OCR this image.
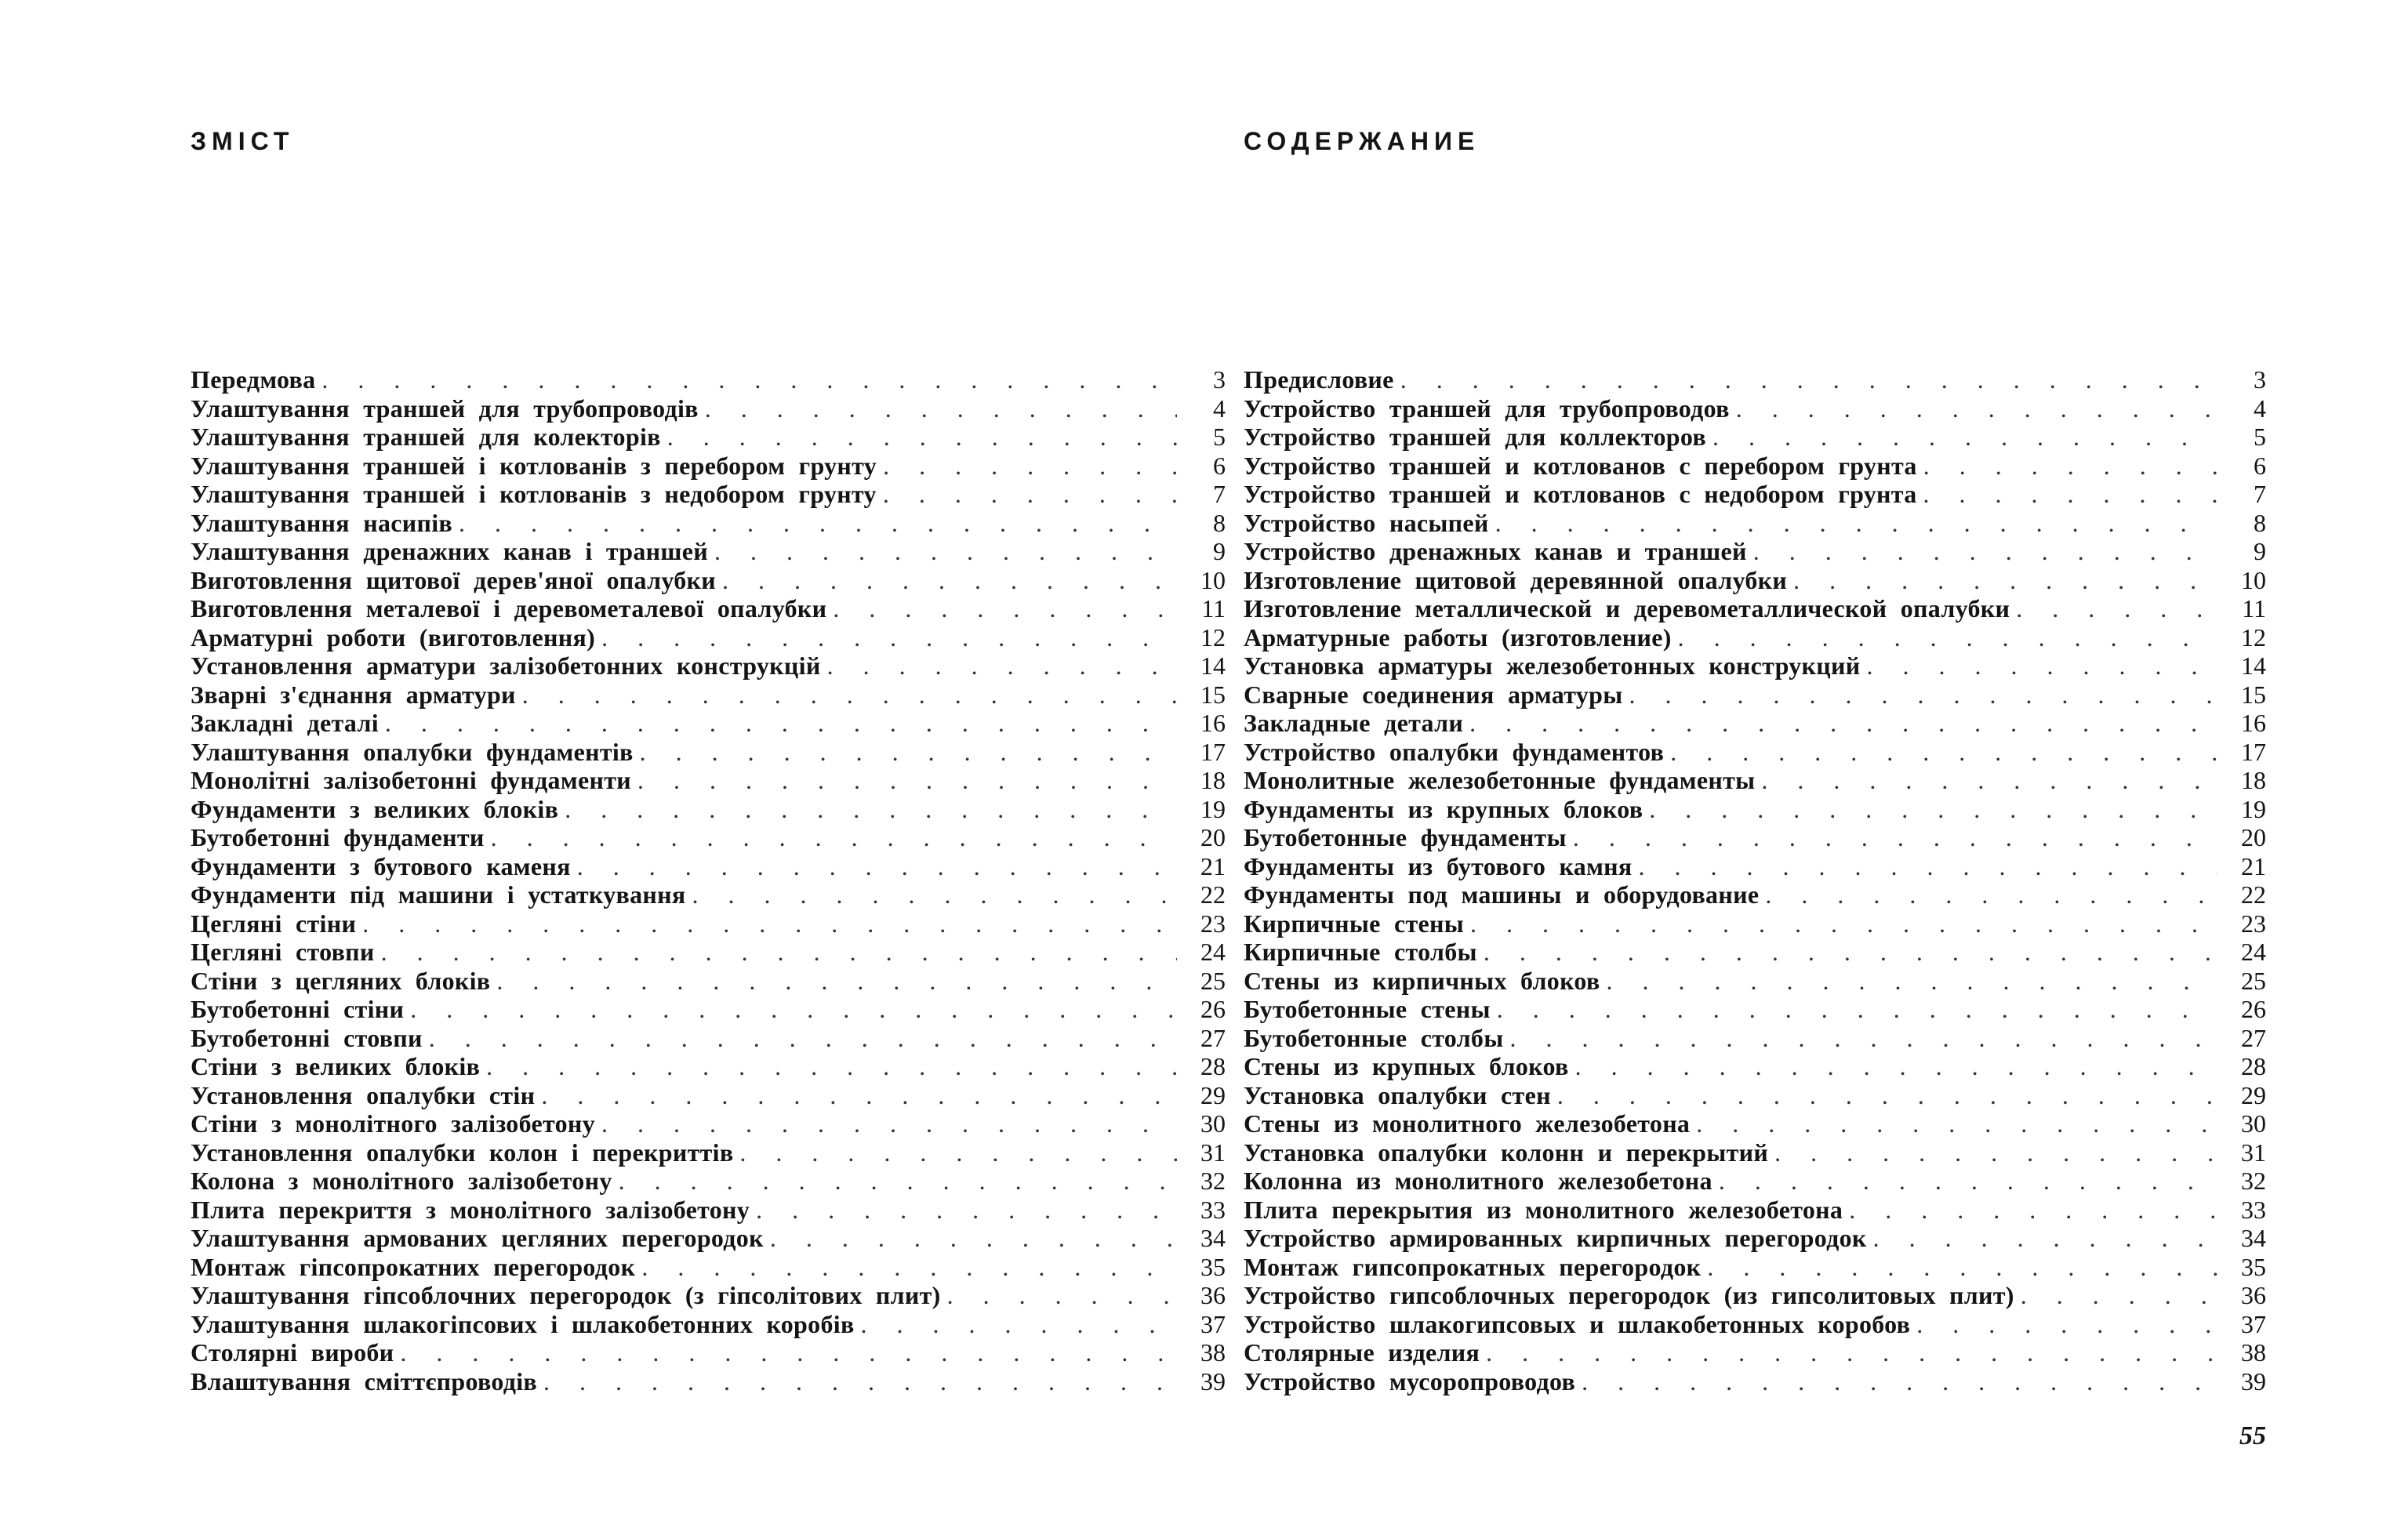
ЗМІСТ	СОДЕРЖАНИЕ
Передмова . . .	3
Улаштування траншей для трубопроводів . . .	4
Улаштування траншей для колекторів . . .	5
Улаштування траншей і котлованів з перебором грунту . . .	6
Улаштування траншей і котлованів з недобором грунту . . .	7
Улаштування насипів . . .	8
Улаштування дренажних канав і траншей . . .	9
Виготовлення щитової дерев'яної опалубки . . .	10
Виготовлення металевої і деревометалевої опалубки . . .	11
Арматурні роботи (виготовлення) . . .	12
Установлення арматури залізобетонних конструкцій . . .	14
Зварні з'єднання арматури . . .	15
Закладні деталі . . .	16
Улаштування опалубки фундаментів . . .	17
Монолітні залізобетонні фундаменти . . .	18
Фундаменти з великих блоків . . .	19
Бутобетонні фундаменти . . .	20
Фундаменти з бутового каменя . . .	21
Фундаменти під машини і устаткування . . .	22
Цегляні стіни . . .	23
Цегляні стовпи . . .	24
Стіни з цегляних блоків . . .	25
Бутобетонні стіни . . .	26
Бутобетонні стовпи . . .	27
Стіни з великих блоків . . .	28
Установлення опалубки стін . . .	29
Стіни з монолітного залізобетону . . .	30
Установлення опалубки колон і перекриттів . . .	31
Колона з монолітного залізобетону . . .	32
Плита перекриття з монолітного залізобетону . . .	33
Улаштування армованих цегляних перегородок . . .	34
Монтаж гіпсопрокатних перегородок . . .	35
Улаштування гіпсоблочних перегородок (з гіпсолітових плит) . . .	36
Улаштування шлакогіпсових і шлакобетонних коробів . . .	37
Столярні вироби . . .	38
Влаштування сміттєпроводів . . .	39
Предисловие . . .	3
Устройство траншей для трубопроводов . . .	4
Устройство траншей для коллекторов . . .	5
Устройство траншей и котлованов с перебором грунта . . .	6
Устройство траншей и котлованов с недобором грунта . . .	7
Устройство насыпей . . .	8
Устройство дренажных канав и траншей . . .	9
Изготовление щитовой деревянной опалубки . . .	10
Изготовление металлической и деревометаллической опалубки . . .	11
Арматурные работы (изготовление) . . .	12
Установка арматуры железобетонных конструкций . . .	14
Сварные соединения арматуры . . .	15
Закладные детали . . .	16
Устройство опалубки фундаментов . . .	17
Монолитные железобетонные фундаменты . . .	18
Фундаменты из крупных блоков . . .	19
Бутобетонные фундаменты . . .	20
Фундаменты из бутового камня . . .	21
Фундаменты под машины и оборудование . . .	22
Кирпичные стены . . .	23
Кирпичные столбы . . .	24
Стены из кирпичных блоков . . .	25
Бутобетонные стены . . .	26
Бутобетонные столбы . . .	27
Стены из крупных блоков . . .	28
Установка опалубки стен . . .	29
Стены из монолитного железобетона . . .	30
Установка опалубки колонн и перекрытий . . .	31
Колонна из монолитного железобетона . . .	32
Плита перекрытия из монолитного железобетона . . .	33
Устройство армированных кирпичных перегородок . . .	34
Монтаж гипсопрокатных перегородок . . .	35
Устройство гипсоблочных перегородок (из гипсолитовых плит) . . .	36
Устройство шлакогипсовых и шлакобетонных коробов . . .	37
Столярные изделия . . .	38
Устройство мусоропроводов . . .	39
55
